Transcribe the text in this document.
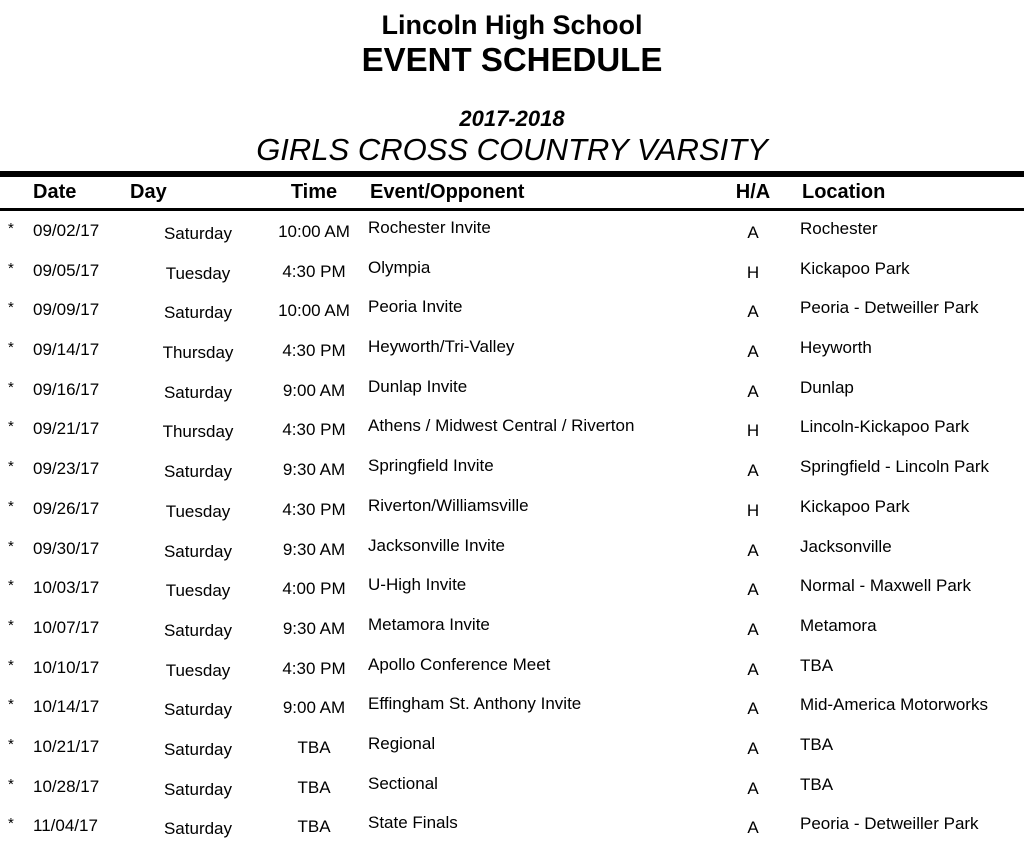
Lincoln High School
EVENT SCHEDULE
2017-2018
GIRLS CROSS COUNTRY VARSITY
Date	Day	Time	Event/Opponent	H/A	Location
*	09/02/17	Saturday	10:00 AM	Rochester Invite	A	Rochester
*	09/05/17	Tuesday	4:30 PM	Olympia	H	Kickapoo Park
*	09/09/17	Saturday	10:00 AM	Peoria Invite	A	Peoria - Detweiller Park
*	09/14/17	Thursday	4:30 PM	Heyworth/Tri-Valley	A	Heyworth
*	09/16/17	Saturday	9:00 AM	Dunlap Invite	A	Dunlap
*	09/21/17	Thursday	4:30 PM	Athens / Midwest Central / Riverton	H	Lincoln-Kickapoo Park
*	09/23/17	Saturday	9:30 AM	Springfield Invite	A	Springfield - Lincoln Park
*	09/26/17	Tuesday	4:30 PM	Riverton/Williamsville	H	Kickapoo Park
*	09/30/17	Saturday	9:30 AM	Jacksonville Invite	A	Jacksonville
*	10/03/17	Tuesday	4:00 PM	U-High Invite	A	Normal - Maxwell Park
*	10/07/17	Saturday	9:30 AM	Metamora Invite	A	Metamora
*	10/10/17	Tuesday	4:30 PM	Apollo Conference Meet	A	TBA
*	10/14/17	Saturday	9:00 AM	Effingham St. Anthony Invite	A	Mid-America Motorworks
*	10/21/17	Saturday	TBA	Regional	A	TBA
*	10/28/17	Saturday	TBA	Sectional	A	TBA
*	11/04/17	Saturday	TBA	State Finals	A	Peoria - Detweiller Park
